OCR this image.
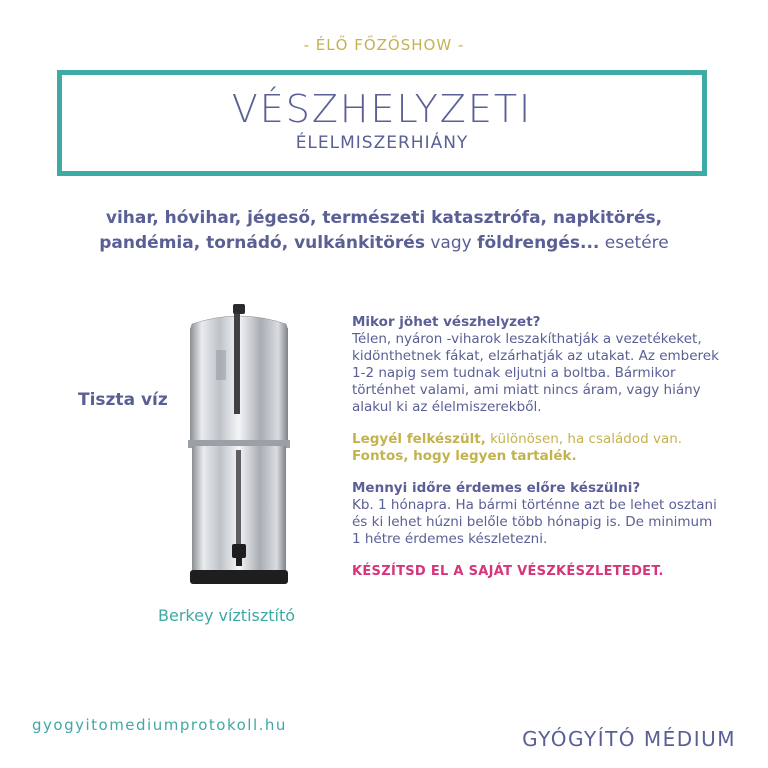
- ÉLŐ FŐZŐSHOW -
VÉSZHELYZETI
ÉLELMISZERHIÁNY
vihar, hóvihar, jégeső, természeti katasztrófa, napkitörés,
pandémia, tornádó, vulkánkitörés vagy földrengés... esetére
Tiszta víz
Berkey víztisztító

Mikor jöhet vészhelyzet?
Télen, nyáron -viharok leszakíthatják a vezetékeket, kidönthetnek fákat, elzárhatják az utakat. Az emberek 1-2 napig sem tudnak eljutni a boltba. Bármikor történhet valami, ami miatt nincs áram, vagy hiány alakul ki az élelmiszerekből.

Legyél felkészült, különösen, ha családod van.
Fontos, hogy legyen tartalék.

Mennyi időre érdemes előre készülni?
Kb. 1 hónapra. Ha bármi történne azt be lehet osztani és ki lehet húzni belőle több hónapig is. De minimum 1 hétre érdemes készletezni.

KÉSZÍTSD EL A SAJÁT VÉSZKÉSZLETEDET.

gyogyitomediumprotokoll.hu
GYÓGYÍTÓ MÉDIUM
